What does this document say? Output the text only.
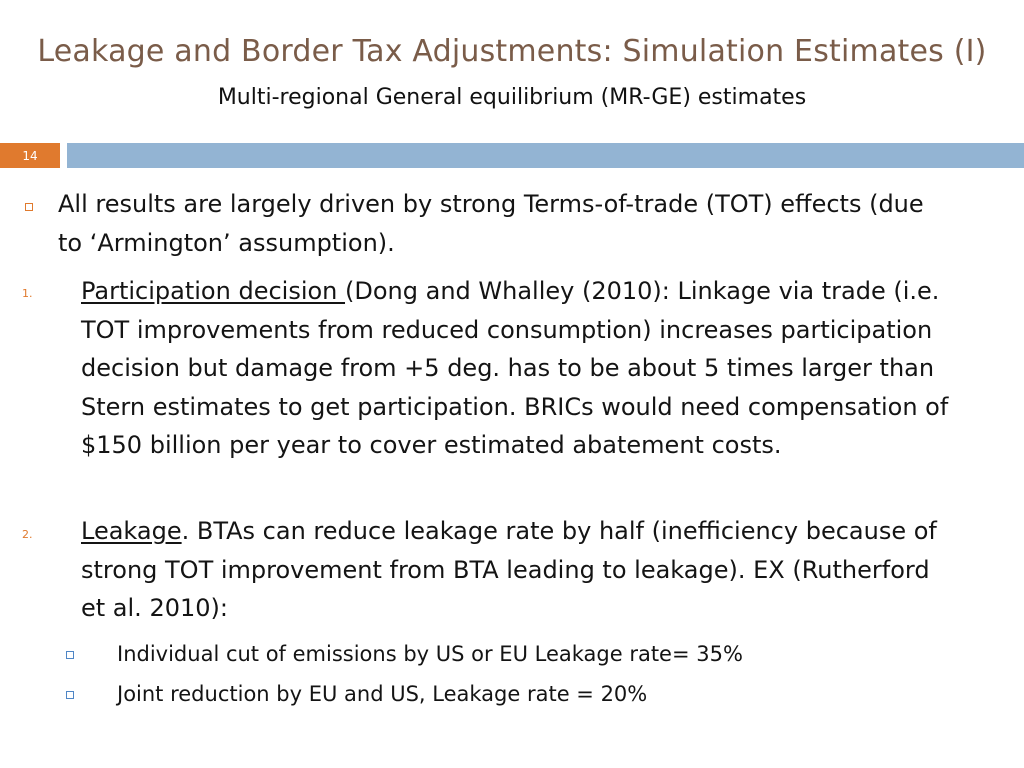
Leakage and Border Tax Adjustments: Simulation Estimates (I)
Multi-regional General equilibrium (MR-GE) estimates
14
All results are largely driven by strong Terms-of-trade (TOT) effects (due to ‘Armington’ assumption).
1. Participation decision (Dong and Whalley (2010): Linkage via trade (i.e. TOT improvements from reduced consumption) increases participation decision but damage from +5 deg. has to be about 5 times larger than Stern estimates to get participation. BRICs would need compensation of $150 billion per year to cover estimated abatement costs.
2. Leakage. BTAs can reduce leakage rate by half (inefficiency because of strong TOT improvement from BTA leading to leakage). EX (Rutherford et al. 2010):
Individual cut of emissions by US or EU Leakage rate= 35%
Joint reduction by EU and US, Leakage rate = 20%
